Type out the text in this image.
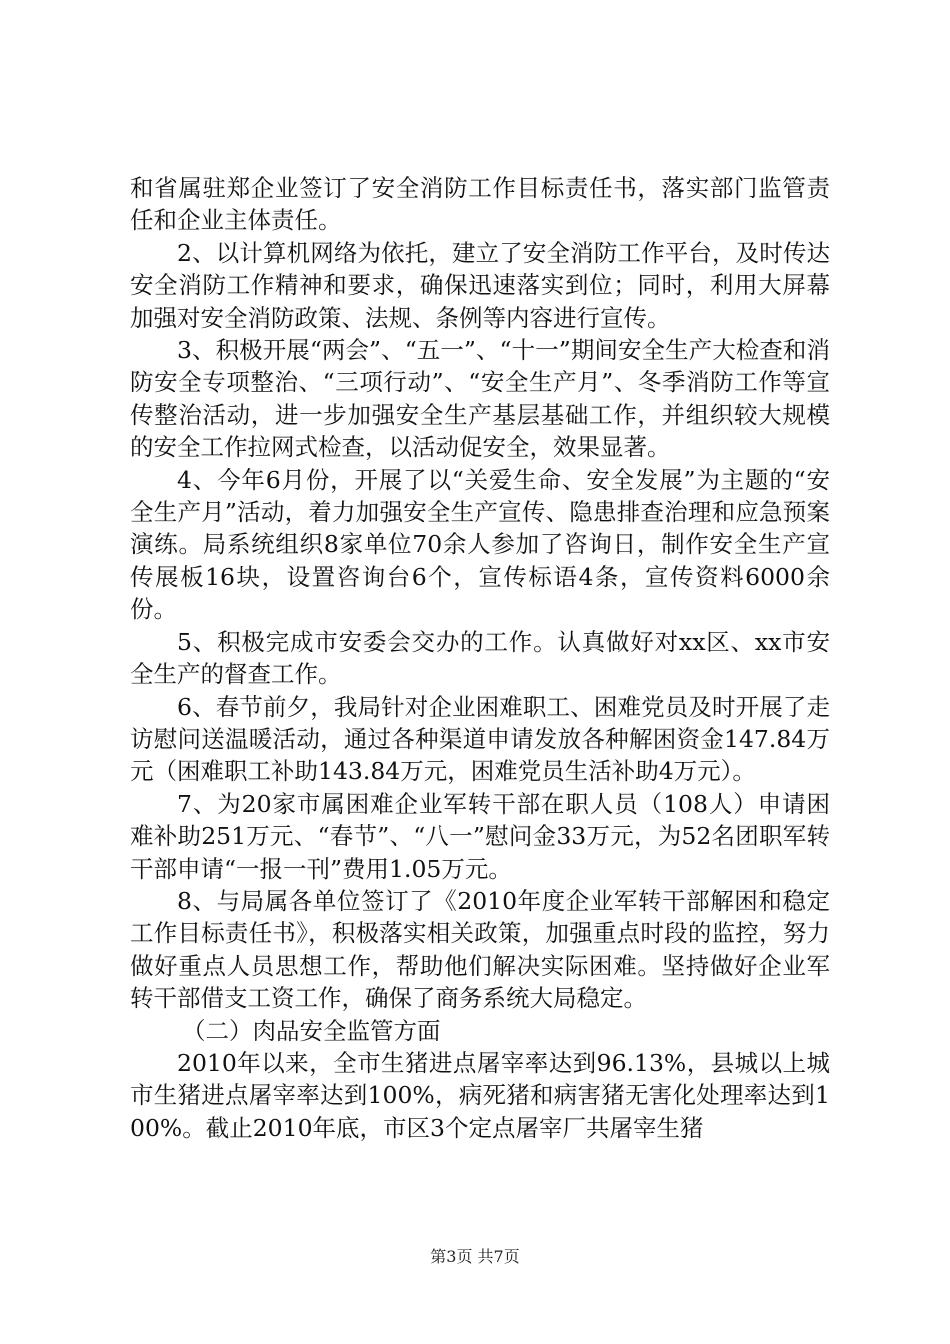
和省属驻郑企业签订了安全消防工作目标责任书，落实部门监管责任和企业主体责任。

2、以计算机网络为依托，建立了安全消防工作平台，及时传达安全消防工作精神和要求，确保迅速落实到位；同时，利用大屏幕加强对安全消防政策、法规、条例等内容进行宣传。

3、积极开展“两会”、“五一”、“十一”期间安全生产大检查和消防安全专项整治、“三项行动”、“安全生产月”、冬季消防工作等宣传整治活动，进一步加强安全生产基层基础工作，并组织较大规模的安全工作拉网式检查，以活动促安全，效果显著。

4、今年6月份，开展了以“关爱生命、安全发展”为主题的“安全生产月”活动，着力加强安全生产宣传、隐患排查治理和应急预案演练。局系统组织8家单位70余人参加了咨询日，制作安全生产宣传展板16块，设置咨询台6个，宣传标语4条，宣传资料6000余份。

5、积极完成市安委会交办的工作。认真做好对xx区、xx市安全生产的督查工作。

6、春节前夕，我局针对企业困难职工、困难党员及时开展了走访慰问送温暖活动，通过各种渠道申请发放各种解困资金147.84万元（困难职工补助143.84万元，困难党员生活补助4万元）。

7、为20家市属困难企业军转干部在职人员（108人）申请困难补助251万元、“春节”、“八一”慰问金33万元，为52名团职军转干部申请“一报一刊”费用1.05万元。

8、与局属各单位签订了《2010年度企业军转干部解困和稳定工作目标责任书》，积极落实相关政策，加强重点时段的监控，努力做好重点人员思想工作，帮助他们解决实际困难。坚持做好企业军转干部借支工资工作，确保了商务系统大局稳定。

（二）肉品安全监管方面

2010年以来，全市生猪进点屠宰率达到96.13%，县城以上城市生猪进点屠宰率达到100%，病死猪和病害猪无害化处理率达到100%。截止2010年底，市区3个定点屠宰厂共屠宰生猪

第3页 共7页
